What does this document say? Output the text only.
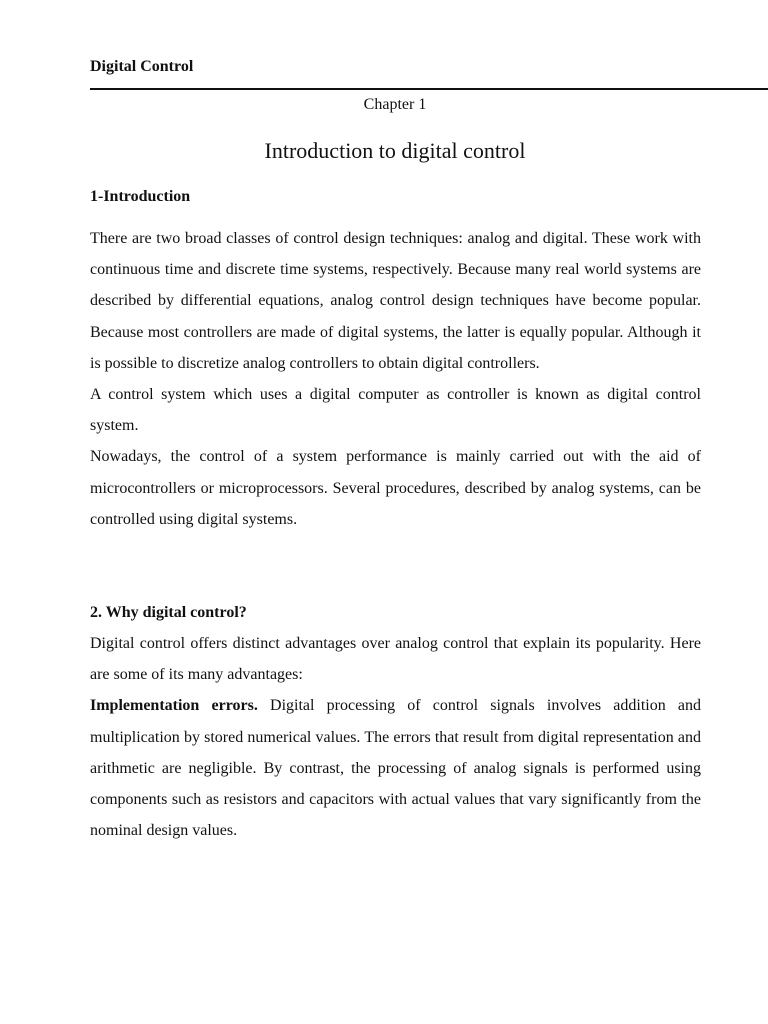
Digital Control
Chapter 1
Introduction to digital control
1-Introduction

There are two broad classes of control design techniques: analog and digital. These work with continuous time and discrete time systems, respectively. Because many real world systems are described by differential equations, analog control design techniques have become popular. Because most controllers are made of digital systems, the latter is equally popular. Although it is possible to discretize analog controllers to obtain digital controllers.

A control system which uses a digital computer as controller is known as digital control system.

Nowadays, the control of a system performance is mainly carried out with the aid of microcontrollers or microprocessors. Several procedures, described by analog systems, can be controlled using digital systems.

2. Why digital control?

Digital control offers distinct advantages over analog control that explain its popularity. Here are some of its many advantages:

Implementation errors. Digital processing of control signals involves addition and multiplication by stored numerical values. The errors that result from digital representation and arithmetic are negligible. By contrast, the processing of analog signals is performed using components such as resistors and capacitors with actual values that vary significantly from the nominal design values.
